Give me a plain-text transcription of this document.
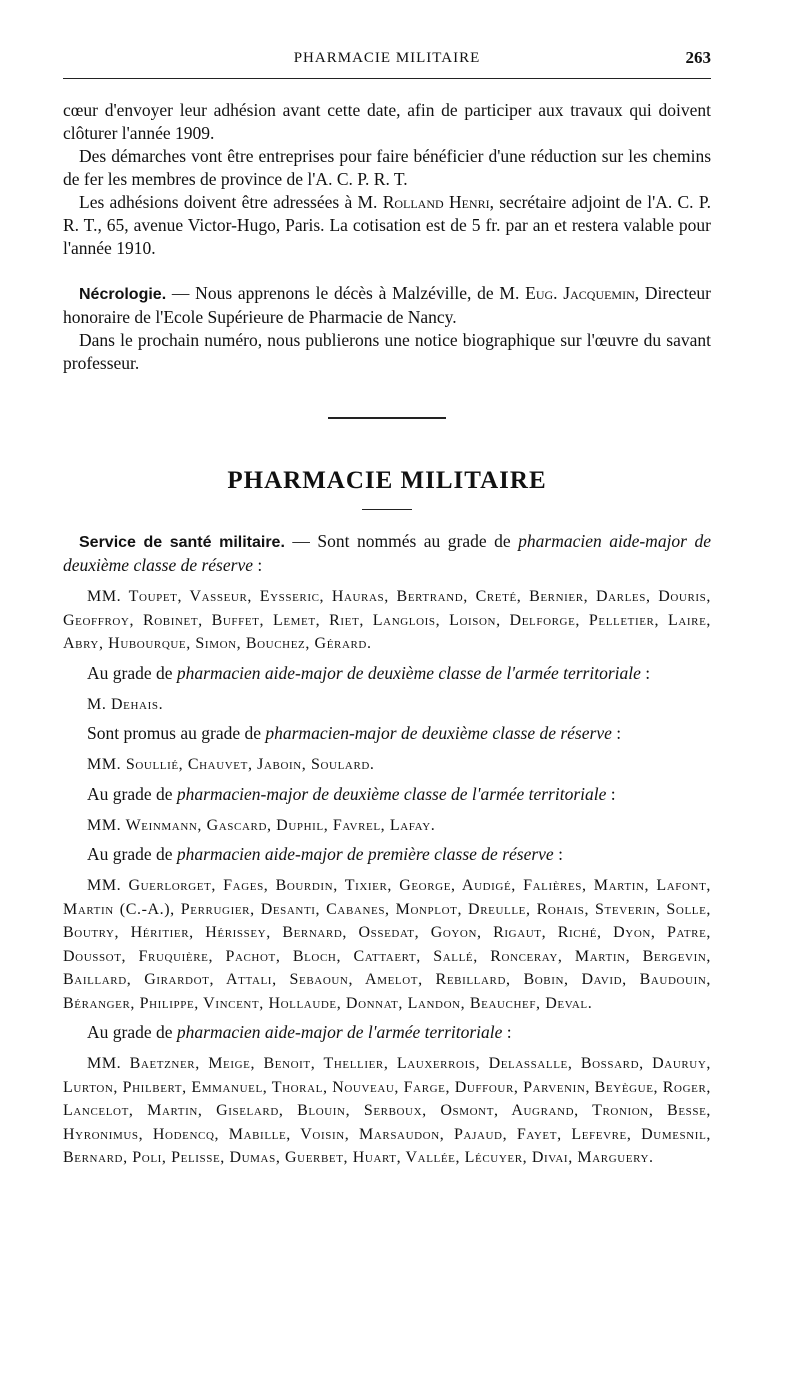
PHARMACIE MILITAIRE	263

cœur d'envoyer leur adhésion avant cette date, afin de participer aux travaux qui doivent clôturer l'année 1909.

Des démarches vont être entreprises pour faire bénéficier d'une réduction sur les chemins de fer les membres de province de l'A. C. P. R. T.

Les adhésions doivent être adressées à M. Rolland Henri, secrétaire adjoint de l'A. C. P. R. T., 65, avenue Victor-Hugo, Paris. La cotisation est de 5 fr. par an et restera valable pour l'année 1910.

Nécrologie. — Nous apprenons le décès à Malzéville, de M. Eug. Jacquemin, Directeur honoraire de l'Ecole Supérieure de Pharmacie de Nancy.

Dans le prochain numéro, nous publierons une notice biographique sur l'œuvre du savant professeur.

PHARMACIE MILITAIRE

Service de santé militaire. — Sont nommés au grade de pharmacien aide-major de deuxième classe de réserve :

MM. Toupet, Vasseur, Eysseric, Hauras, Bertrand, Creté, Bernier, Darles, Douris, Geoffroy, Robinet, Buffet, Lemet, Riet, Langlois, Loison, Delforge, Pelletier, Laire, Abry, Hubourque, Simon, Bouchez, Gérard.

Au grade de pharmacien aide-major de deuxième classe de l'armée territoriale :

M. Dehais.

Sont promus au grade de pharmacien-major de deuxième classe de réserve :

MM. Soullié, Chauvet, Jaboin, Soulard.

Au grade de pharmacien-major de deuxième classe de l'armée territoriale :

MM. Weinmann, Gascard, Duphil, Favrel, Lafay.

Au grade de pharmacien aide-major de première classe de réserve :

MM. Guerlorget, Fages, Bourdin, Tixier, George, Audigé, Falières, Martin, Lafont, Martin (C.-A.), Perrugier, Desanti, Cabanes, Monplot, Dreulle, Rohais, Steverin, Solle, Boutry, Héritier, Hérissey, Bernard, Ossedat, Goyon, Rigaut, Riché, Dyon, Patre, Doussot, Fruquière, Pachot, Bloch, Cattaert, Sallé, Ronceray, Martin, Bergevin, Baillard, Girardot, Attali, Sebaoun, Amelot, Rebillard, Bobin, David, Baudouin, Béranger, Philippe, Vincent, Hollaude, Donnat, Landon, Beauchef, Deval.

Au grade de pharmacien aide-major de l'armée territoriale :

MM. Baetzner, Meige, Benoit, Thellier, Lauxerrois, Delassalle, Bossard, Dauruy, Lurton, Philbert, Emmanuel, Thoral, Nouveau, Farge, Duffour, Parvenin, Beyègue, Roger, Lancelot, Martin, Giselard, Blouin, Serboux, Osmont, Augrand, Tronion, Besse, Hyronimus, Hodencq, Mabille, Voisin, Marsaudon, Pajaud, Fayet, Lefevre, Dumesnil, Bernard, Poli, Pelisse, Dumas, Guerbet, Huart, Vallée, Lécuyer, Divai, Marguery.
